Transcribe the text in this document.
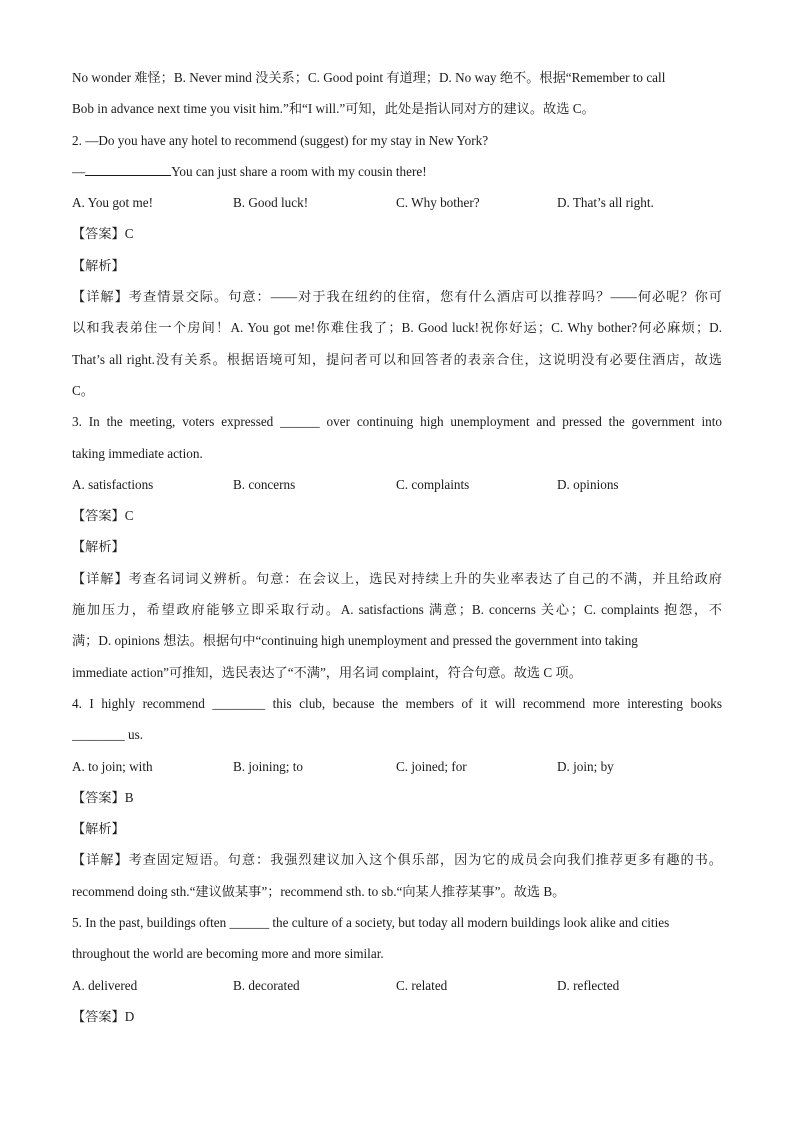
No wonder 难怪；B. Never mind 没关系；C. Good point 有道理；D. No way 绝不。根据“Remember to call
Bob in advance next time you visit him.”和“I will.”可知，此处是指认同对方的建议。故选 C。
2. —Do you have any hotel to recommend (suggest) for my stay in New York?
—	You can just share a room with my cousin there!
A. You got me!	B. Good luck!	C. Why bother?	D. That’s all right.
【答案】C
【解析】
【详解】考查情景交际。句意：——对于我在纽约的住宿，您有什么酒店可以推荐吗？——何必呢？你可
以和我表弟住一个房间！A. You got me!你难住我了；B. Good luck!祝你好运；C. Why bother?何必麻烦；D.
That’s all right.没有关系。根据语境可知，提问者可以和回答者的表亲合住，这说明没有必要住酒店，故选
C。
3. In the meeting, voters expressed ______ over continuing high unemployment and pressed the government into
taking immediate action.
A. satisfactions	B. concerns	C. complaints	D. opinions
【答案】C
【解析】
【详解】考查名词词义辨析。句意：在会议上，选民对持续上升的失业率表达了自己的不满，并且给政府
施加压力，希望政府能够立即采取行动。A. satisfactions 满意；B. concerns 关心；C. complaints 抱怨，不
满；D. opinions 想法。根据句中“continuing high unemployment and pressed the government into taking
immediate action”可推知，选民表达了“不满”，用名词 complaint，符合句意。故选 C 项。
4. I highly recommend ________ this club, because the members of it will recommend more interesting books
________ us.
A. to join; with	B. joining; to	C. joined; for	D. join; by
【答案】B
【解析】
【详解】考查固定短语。句意：我强烈建议加入这个俱乐部，因为它的成员会向我们推荐更多有趣的书。
recommend doing sth.“建议做某事”；recommend sth. to sb.“向某人推荐某事”。故选 B。
5. In the past, buildings often ______ the culture of a society, but today all modern buildings look alike and cities
throughout the world are becoming more and more similar.
A. delivered	B. decorated	C. related	D. reflected
【答案】D
